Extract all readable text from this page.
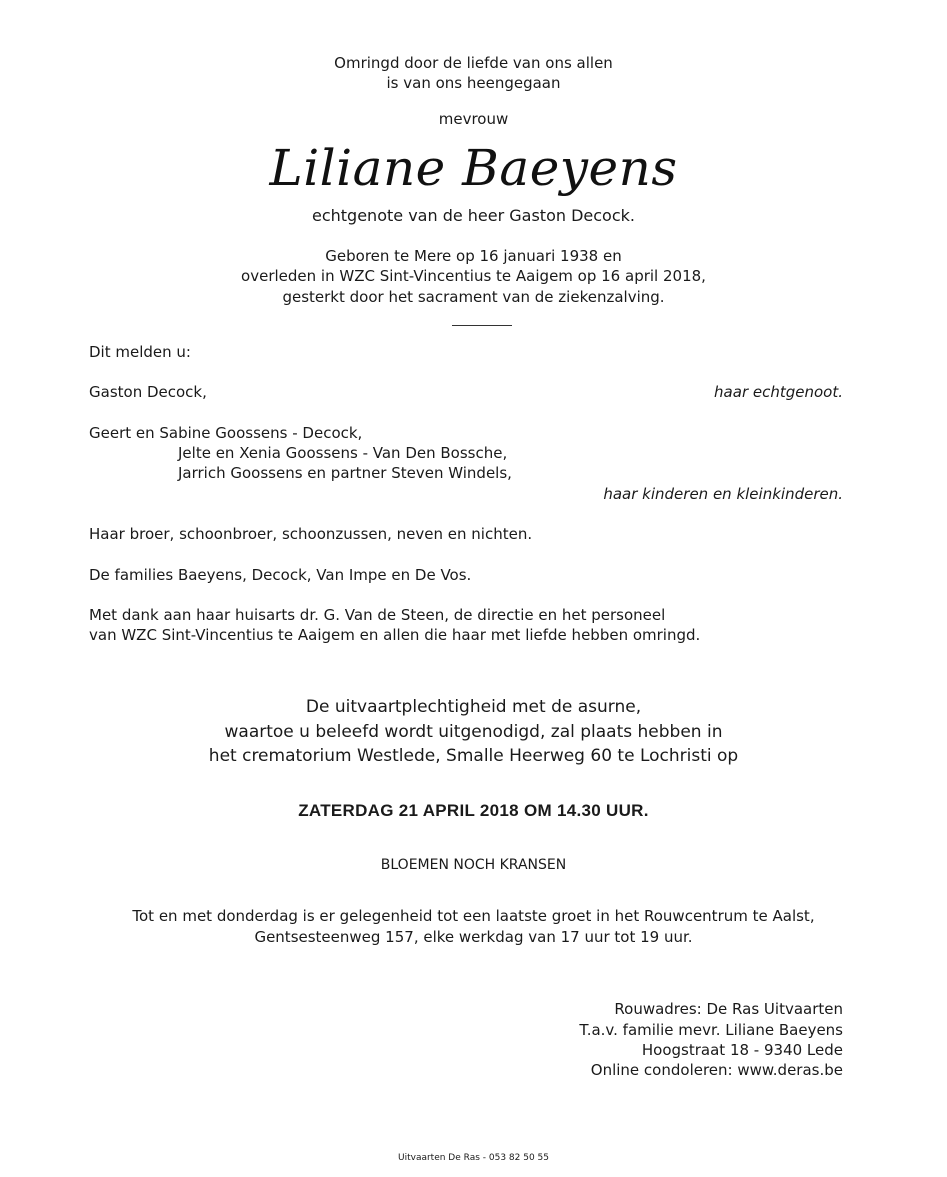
Omringd door de liefde van ons allen
is van ons heengegaan
mevrouw
Liliane Baeyens
echtgenote van de heer Gaston Decock.
Geboren te Mere op 16 januari 1938 en
overleden in WZC Sint-Vincentius te Aaigem op 16 april 2018,
gesterkt door het sacrament van de ziekenzalving.
Dit melden u:
Gaston Decock,	haar echtgenoot.
Geert en Sabine Goossens - Decock,
Jelte en Xenia Goossens - Van Den Bossche,
Jarrich Goossens en partner Steven Windels,
haar kinderen en kleinkinderen.
Haar broer, schoonbroer, schoonzussen, neven en nichten.
De families Baeyens, Decock, Van Impe en De Vos.
Met dank aan haar huisarts dr. G. Van de Steen, de directie en het personeel
van WZC Sint-Vincentius te Aaigem en allen die haar met liefde hebben omringd.
De uitvaartplechtigheid met de asurne,
waartoe u beleefd wordt uitgenodigd, zal plaats hebben in
het crematorium Westlede, Smalle Heerweg 60 te Lochristi op
ZATERDAG 21 APRIL 2018 OM 14.30 UUR.
BLOEMEN NOCH KRANSEN
Tot en met donderdag is er gelegenheid tot een laatste groet in het Rouwcentrum te Aalst,
Gentsesteenweg 157, elke werkdag van 17 uur tot 19 uur.
Rouwadres: De Ras Uitvaarten
T.a.v. familie mevr. Liliane Baeyens
Hoogstraat 18 - 9340 Lede
Online condoleren: www.deras.be
Uitvaarten De Ras - 053 82 50 55
